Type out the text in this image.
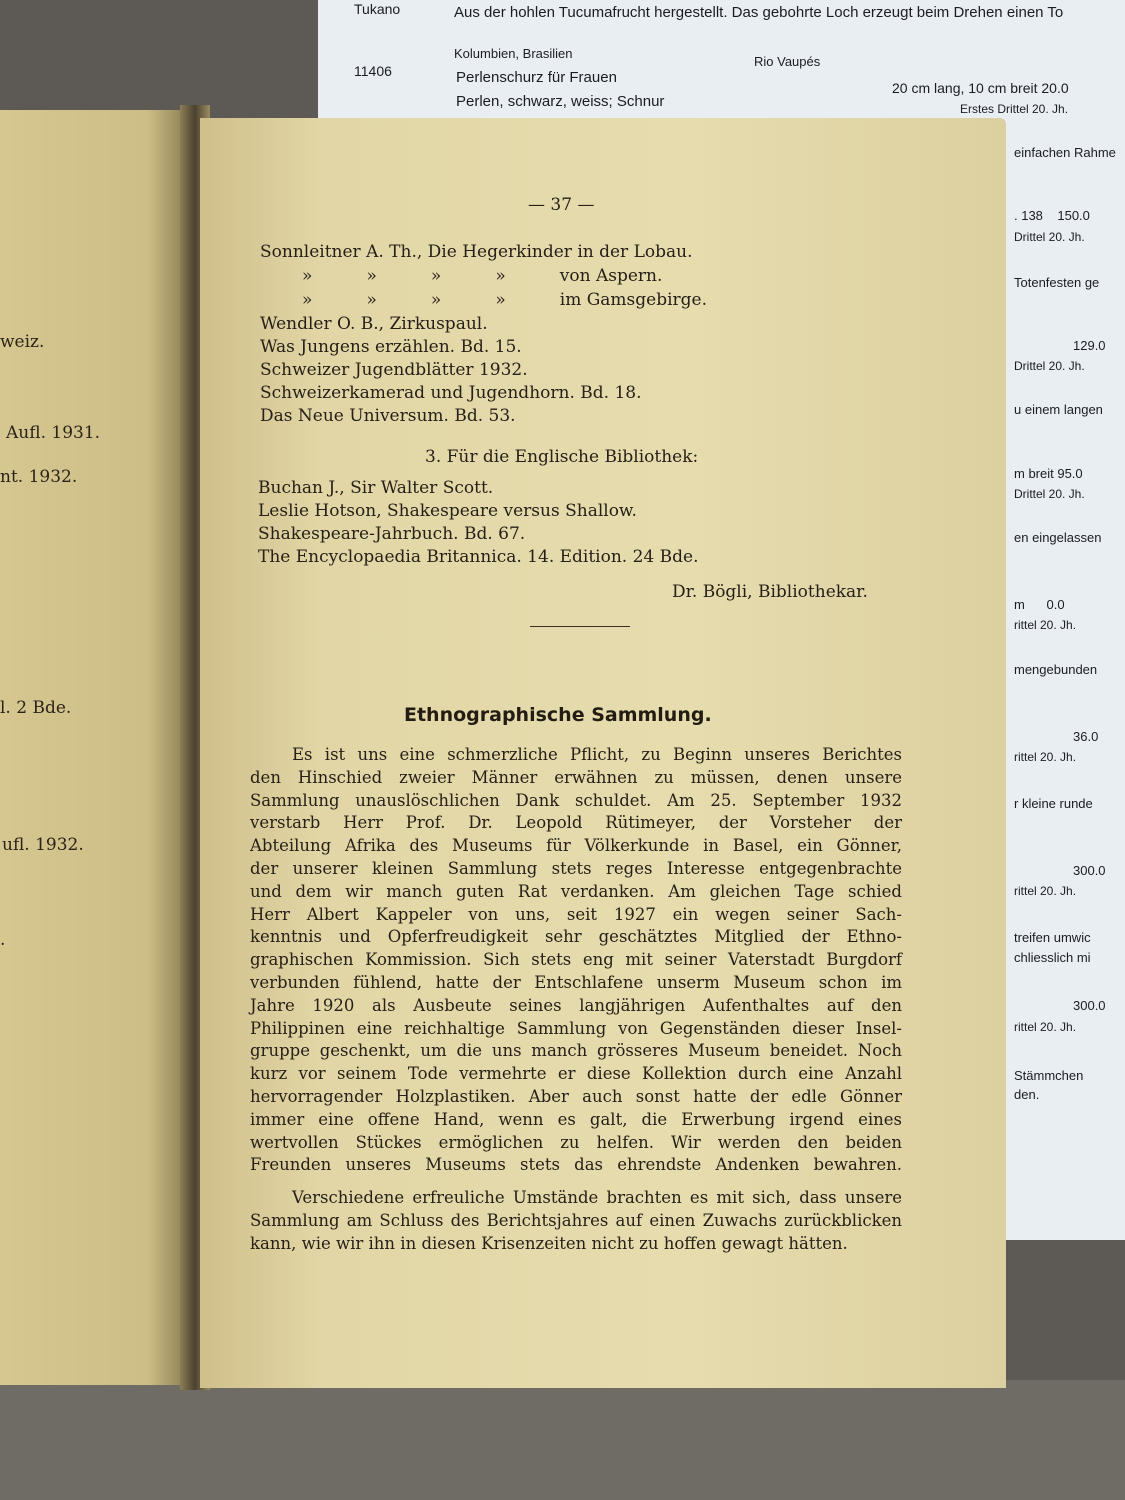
Tukano	Aus der hohlen Tucumafrucht hergestellt. Das gebohrte Loch erzeugt beim Drehen einen To
Kolumbien, Brasilien
Rio Vaupés
11406	Perlenschurz für Frauen
Perlen, schwarz, weiss; Schnur
20 cm lang, 10 cm breit 20.0
Erstes Drittel 20. Jh.
einfachen Rahme
. 138    150.0
Drittel 20. Jh.
Totenfesten ge
129.0
Drittel 20. Jh.
u einem langen
m breit 95.0
Drittel 20. Jh.
en eingelassen
m      0.0
rittel 20. Jh.
mengebunden
36.0
rittel 20. Jh.
r kleine runde
300.0
rittel 20. Jh.
treifen umwic
chliesslich mi
300.0
rittel 20. Jh.
Stämmchen
den.
weiz.
Aufl. 1931.
nt. 1932.
l. 2 Bde.
ufl. 1932.
.
— 37 —
Sonnleitner A. Th., Die Hegerkinder in der Lobau.
»          »          »          »          von Aspern.
»          »          »          »          im Gamsgebirge.
Wendler O. B., Zirkuspaul.
Was Jungens erzählen. Bd. 15.
Schweizer Jugendblätter 1932.
Schweizerkamerad und Jugendhorn. Bd. 18.
Das Neue Universum. Bd. 53.
3. Für die Englische Bibliothek:
Buchan J., Sir Walter Scott.
Leslie Hotson, Shakespeare versus Shallow.
Shakespeare-Jahrbuch. Bd. 67.
The Encyclopaedia Britannica. 14. Edition. 24 Bde.
Dr. Bögli, Bibliothekar.
Ethnographische Sammlung.
Es ist uns eine schmerzliche Pflicht, zu Beginn unseres Berichtes
den Hinschied zweier Männer erwähnen zu müssen, denen unsere
Sammlung unauslöschlichen Dank schuldet. Am 25. September 1932
verstarb Herr Prof. Dr. Leopold Rütimeyer, der Vorsteher der
Abteilung Afrika des Museums für Völkerkunde in Basel, ein Gönner,
der unserer kleinen Sammlung stets reges Interesse entgegenbrachte
und dem wir manch guten Rat verdanken. Am gleichen Tage schied
Herr Albert Kappeler von uns, seit 1927 ein wegen seiner Sach-
kenntnis und Opferfreudigkeit sehr geschätztes Mitglied der Ethno-
graphischen Kommission. Sich stets eng mit seiner Vaterstadt Burgdorf
verbunden fühlend, hatte der Entschlafene unserm Museum schon im
Jahre 1920 als Ausbeute seines langjährigen Aufenthaltes auf den
Philippinen eine reichhaltige Sammlung von Gegenständen dieser Insel-
gruppe geschenkt, um die uns manch grösseres Museum beneidet. Noch
kurz vor seinem Tode vermehrte er diese Kollektion durch eine Anzahl
hervorragender Holzplastiken. Aber auch sonst hatte der edle Gönner
immer eine offene Hand, wenn es galt, die Erwerbung irgend eines
wertvollen Stückes ermöglichen zu helfen. Wir werden den beiden
Freunden unseres Museums stets das ehrendste Andenken bewahren.
Verschiedene erfreuliche Umstände brachten es mit sich, dass unsere
Sammlung am Schluss des Berichtsjahres auf einen Zuwachs zurückblicken
kann, wie wir ihn in diesen Krisenzeiten nicht zu hoffen gewagt hätten.
